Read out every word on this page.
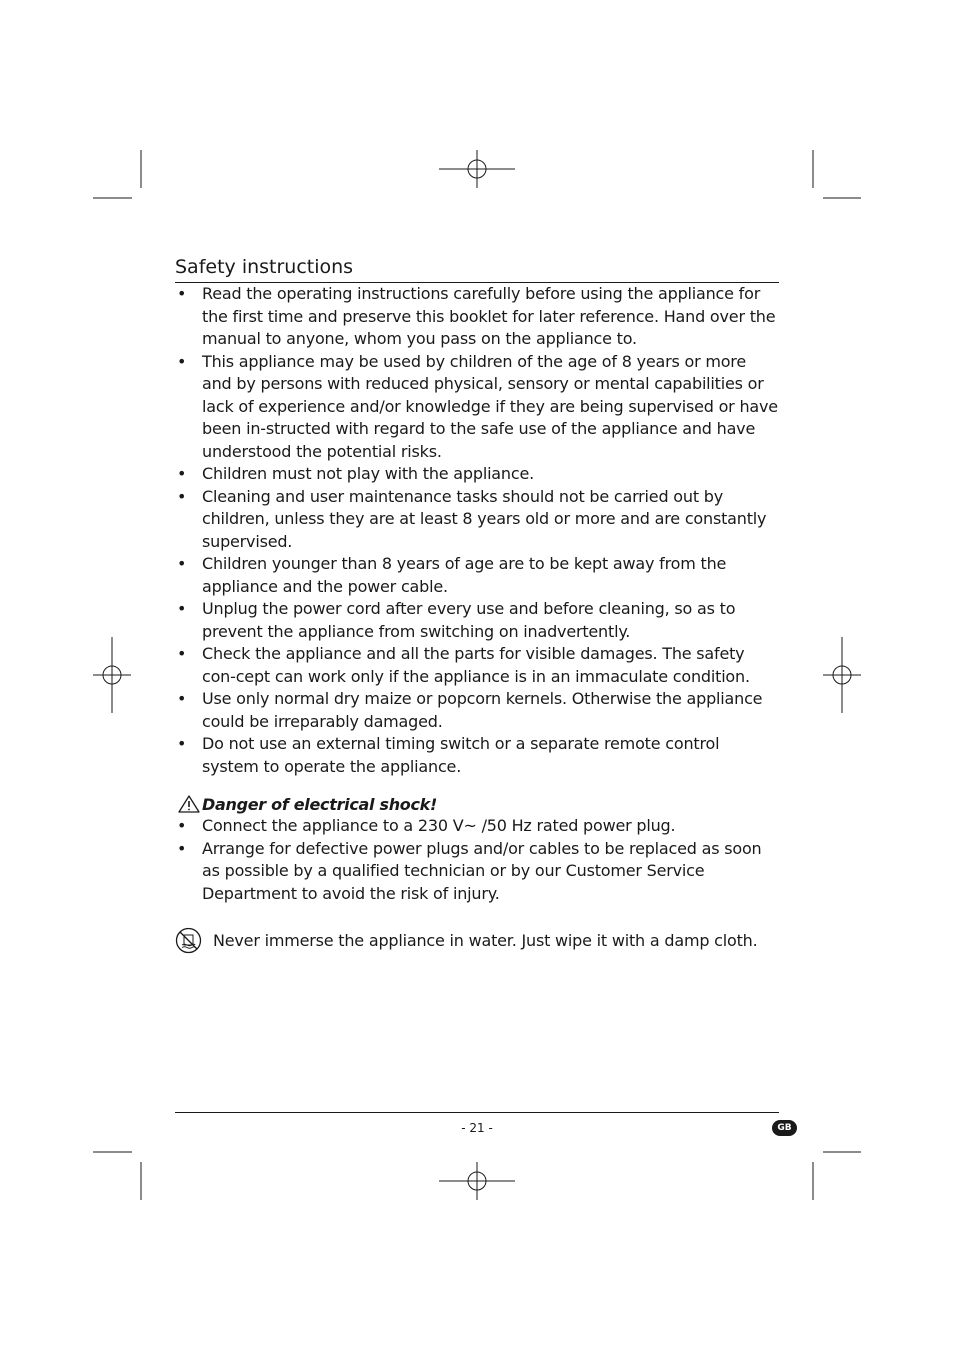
Safety instructions
• Read the operating instructions carefully before using the appliance for the first time and preserve this booklet for later reference. Hand over the manual to anyone, whom you pass on the appliance to.
• This appliance may be used by children of the age of 8 years or more and by persons with reduced physical, sensory or mental capabilities or lack of experience and/or knowledge if they are being supervised or have been in-structed with regard to the safe use of the appliance and have understood the potential risks.
• Children must not play with the appliance.
• Cleaning and user maintenance tasks should not be carried out by children, unless they are at least 8 years old or more and are constantly supervised.
• Children younger than 8 years of age are to be kept away from the appliance and the power cable.
• Unplug the power cord after every use and before cleaning, so as to prevent the appliance from switching on inadvertently.
• Check the appliance and all the parts for visible damages. The safety con-cept can work only if the appliance is in an immaculate condition.
• Use only normal dry maize or popcorn kernels. Otherwise the appliance could be irreparably damaged.
• Do not use an external timing switch or a separate remote control system to operate the appliance.
Danger of electrical shock!
• Connect the appliance to a 230 V~ /50 Hz rated power plug.
• Arrange for defective power plugs and/or cables to be replaced as soon as possible by a qualified technician or by our Customer Service Department to avoid the risk of injury.
Never immerse the appliance in water. Just wipe it with a damp cloth.
- 21 -	GB
